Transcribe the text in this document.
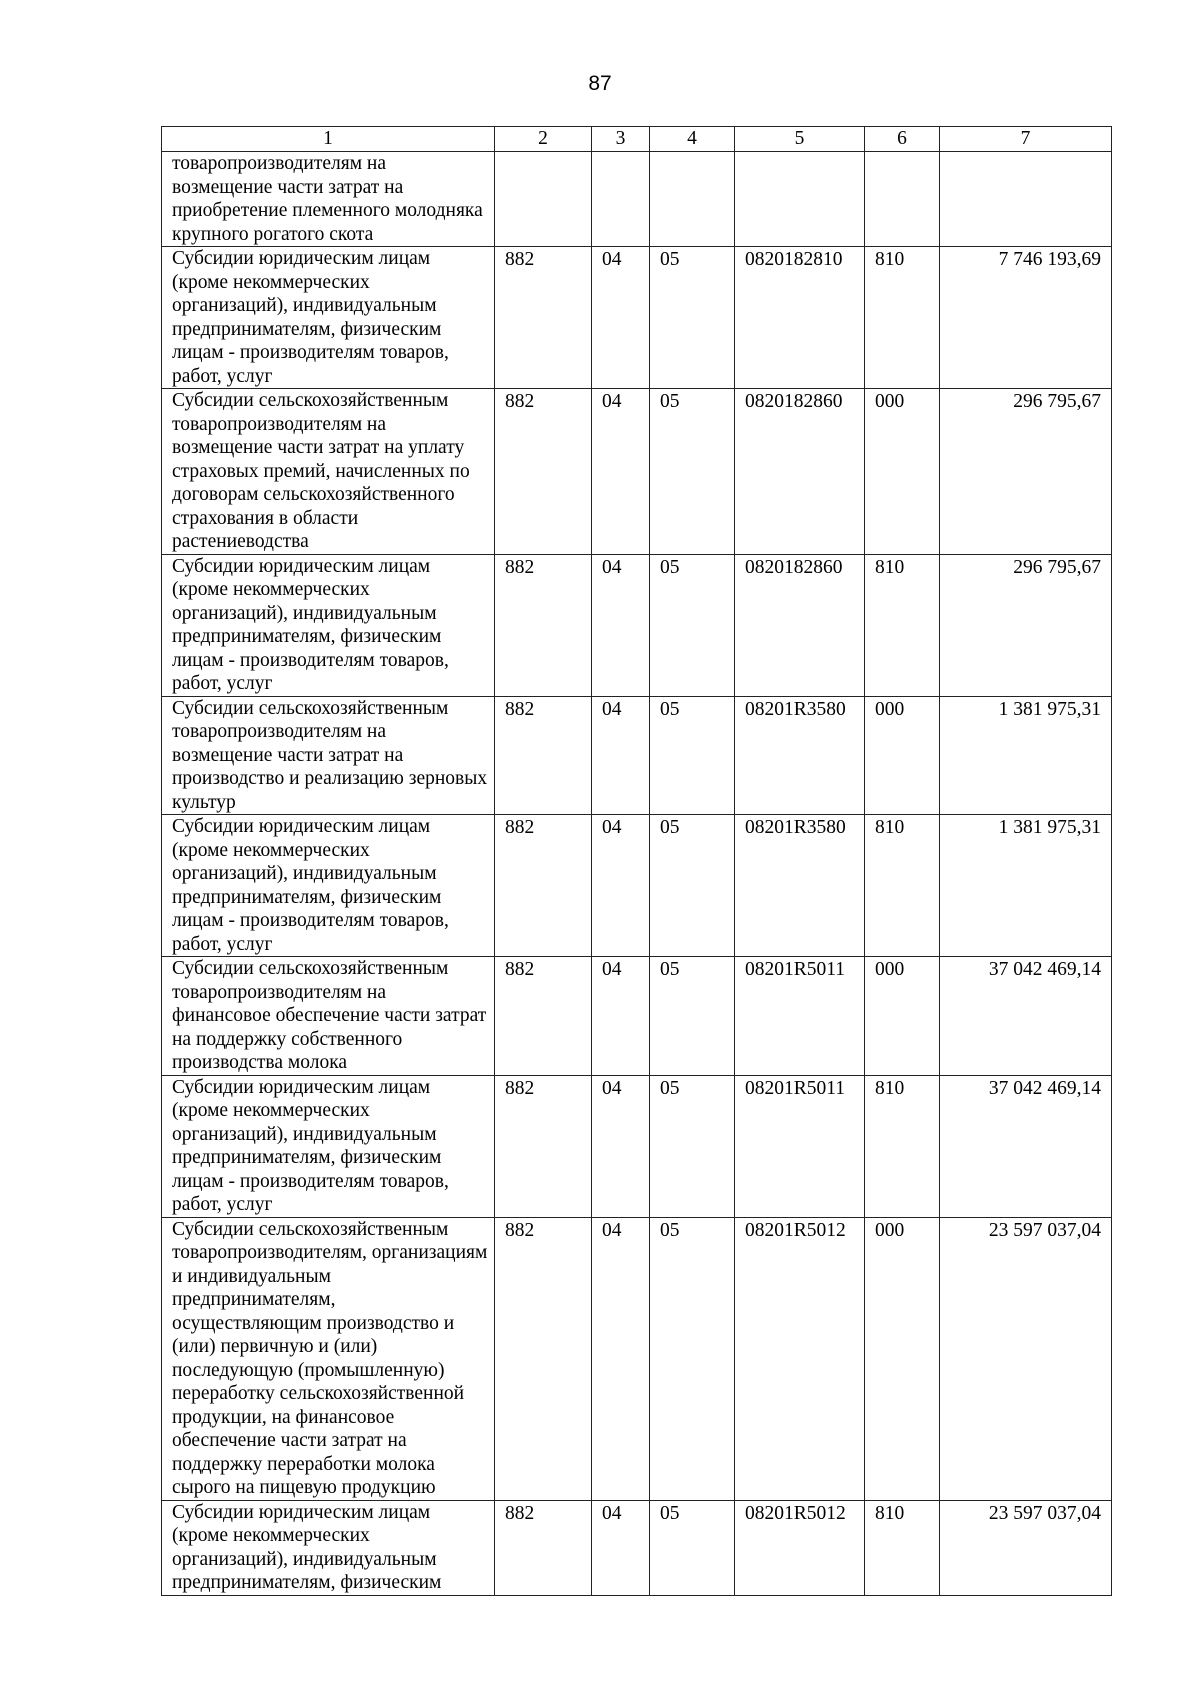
87
1	2	3	4	5	6	7
товаропроизводителям на возмещение части затрат на приобретение племенного молодняка крупного рогатого скота						
Субсидии юридическим лицам (кроме некоммерческих организаций), индивидуальным предпринимателям, физическим лицам - производителям товаров, работ, услуг	882	04	05	0820182810	810	7 746 193,69
Субсидии сельскохозяйственным товаропроизводителям на возмещение части затрат на уплату страховых премий, начисленных по договорам сельскохозяйственного страхования в области растениеводства	882	04	05	0820182860	000	296 795,67
Субсидии юридическим лицам (кроме некоммерческих организаций), индивидуальным предпринимателям, физическим лицам - производителям товаров, работ, услуг	882	04	05	0820182860	810	296 795,67
Субсидии сельскохозяйственным товаропроизводителям на возмещение части затрат на производство и реализацию зерновых культур	882	04	05	08201R3580	000	1 381 975,31
Субсидии юридическим лицам (кроме некоммерческих организаций), индивидуальным предпринимателям, физическим лицам - производителям товаров, работ, услуг	882	04	05	08201R3580	810	1 381 975,31
Субсидии сельскохозяйственным товаропроизводителям на финансовое обеспечение части затрат на поддержку собственного производства молока	882	04	05	08201R5011	000	37 042 469,14
Субсидии юридическим лицам (кроме некоммерческих организаций), индивидуальным предпринимателям, физическим лицам - производителям товаров, работ, услуг	882	04	05	08201R5011	810	37 042 469,14
Субсидии сельскохозяйственным товаропроизводителям, организациям и индивидуальным предпринимателям, осуществляющим производство и (или) первичную и (или) последующую (промышленную) переработку сельскохозяйственной продукции, на финансовое обеспечение части затрат на поддержку переработки молока сырого на пищевую продукцию	882	04	05	08201R5012	000	23 597 037,04
Субсидии юридическим лицам (кроме некоммерческих организаций), индивидуальным предпринимателям, физическим	882	04	05	08201R5012	810	23 597 037,04
